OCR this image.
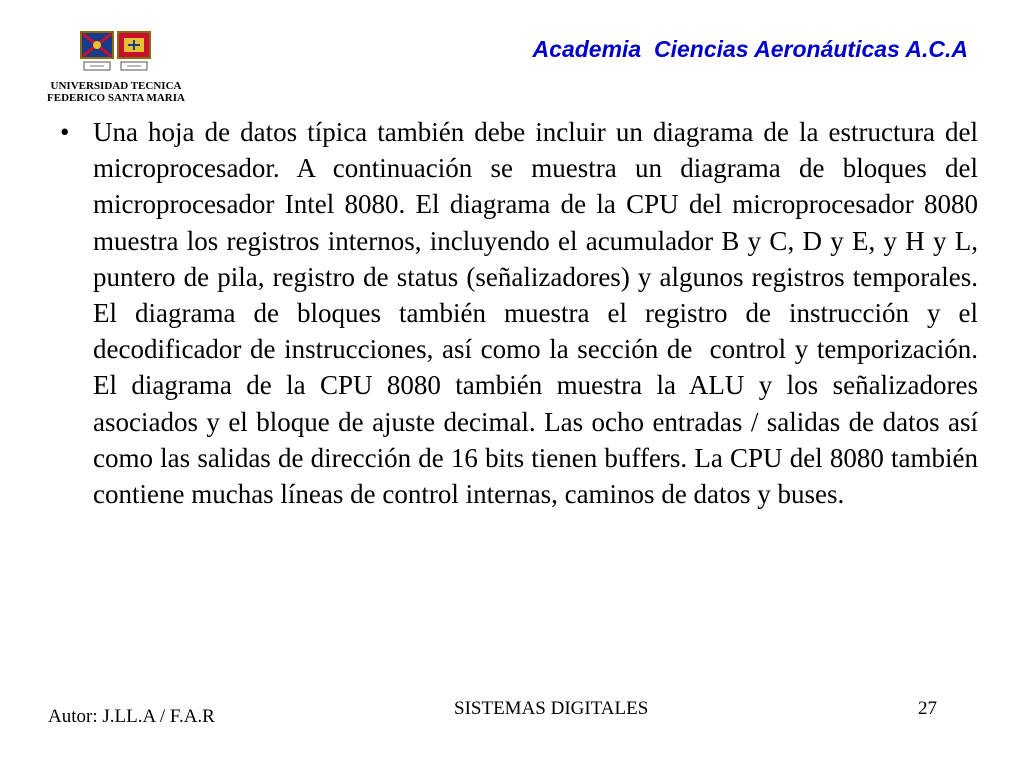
UNIVERSIDAD TECNICA
FEDERICO SANTA MARIA
Academia  Ciencias Aeronáuticas A.C.A
• Una hoja de datos típica también debe incluir un diagrama de la estructura del microprocesador. A continuación se muestra un diagrama de bloques del microprocesador Intel 8080. El diagrama de la CPU del microprocesador 8080 muestra los registros internos, incluyendo el acumulador B y C, D y E, y H y L, puntero de pila, registro de status (señalizadores) y algunos registros temporales. El diagrama de bloques también muestra el registro de instrucción y el decodificador de instrucciones, así como la sección de  control y temporización. El diagrama de la CPU 8080 también muestra la ALU y los señalizadores asociados y el bloque de ajuste decimal. Las ocho entradas / salidas de datos así como las salidas de dirección de 16 bits tienen buffers. La CPU del 8080 también contiene muchas líneas de control internas, caminos de datos y buses.
Autor: J.LL.A / F.A.R	SISTEMAS DIGITALES	27
